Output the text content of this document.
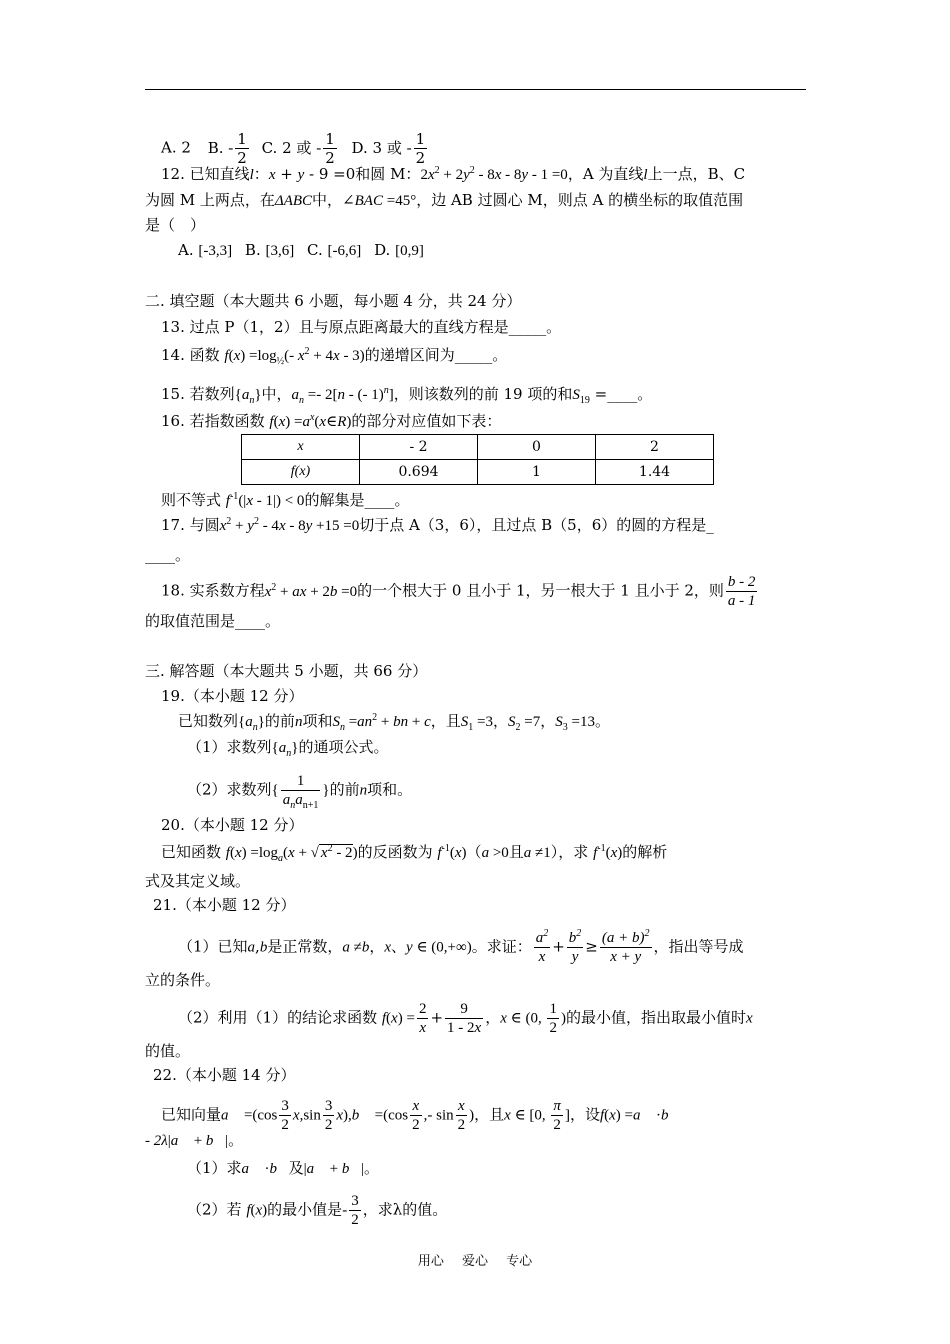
A. 2 B. - $\frac{1}{2} C$. 2 或 - $\frac{1}{2} D$. 3 或 - $\frac{1}{2}$
12. 已知直线l：x + y - 9 =0和圆 M：$2x^2 + 2y^2 - 8x - 8y - 1 =0$，A 为直线l上一点，B、C
为圆 M 上两点，在ΔABC中，∠BAC =45°，边 AB 过圆心 M，则点 A 的横坐标的取值范围
是（　）
A. [-3,3] B. [3,6] C. [-6,6] D. [0,9]
二. 填空题（本大题共 6 小题，每小题 4 分，共 24 分）
13. 过点 P（1，2）且与原点距离最大的直线方程是_____。
14. 函数 $f(x) =\log_{\frac{1}{2}}(-$ $x^2 + 4x - 3$)的递增区间为_____。
15. 若数列$\{a_n\}$中，$a_n =- 2[n$ - (- 1)$^n$]，则该数列的前 19 项的和$S_{19}$ =____。
16. 若指数函数 $f(x) =a^x(x\in R)$的部分对应值如下表：
x	- 2	0	2
f(x)	0.694	1	1.44
则不等式 $f^{-1}(|x - 1|) < 0$的解集是____。
17. 与圆$x^2 + y^2 - 4x - 8y +15 =0$切于点 A（3，6），且过点 B（5，6）的圆的方程是_
____。
18. 实系数方程$x^2$ + ax + 2b =0的一个根大于 0 且小于 1，另一根大于 1 且小于 2，则 $\frac{b - 2}{a - 1}$
的取值范围是____。
三. 解答题（本大题共 5 小题，共 66 分）
19.（本小题 12 分）
已知数列$\{a_n\}$的前n项和$S_n =an^2$ + bn + c，且$S_1 =3$，$S_2 =7$，$S_3 =13$。
（1）求数列$\{a_n\}$的通项公式。
（2）求数列{ $\frac{1}{a_na_{n+1}}$ }的前n项和。
20.（本小题 12 分）
已知函数 $f(x) =\log_a(x$ + √ $x^2 - 2$)的反函数为 $f^{-1}(x)(a >0$且a ≠1），求 $f^{-1}(x)$的解析
式及其定义域。
21.（本小题 12 分）
（1）已知a,b是正常数，a ≠b，x、y ∈ (0,+∞)。求证： $\frac{a^2}{x} + \frac{b^2}{y} \ge \frac{(a + b)^2}{x + y}$ ，指出等号成
立的条件。
（2）利用（1）的结论求函数 $f(x) = \frac{2}{x} + \frac{9}{1 - 2x}$ ，x ∈ (0, $\frac{1}{2}$ )的最小值，指出取最小值时x
的值。
22.（本小题 14 分）
已知向量a⃗ $=(\cos \frac{3}{2} x,\sin \frac{3}{2}$ x),b⃗ $=(\cos \frac{x}{2}$ ,- $\sin \frac{x}{2}$ )，且x ∈ [0, $\frac{\pi}{2}$ ]，设f(x) =a⃗ ·b⃗
- 2λ|a⃗ + b⃗|。
（1）求a⃗ ·b⃗及|a⃗ + b⃗|。
（2）若 f(x)的最小值是- $\frac{3}{2}$ ，求λ的值。
用心 爱心 专心
